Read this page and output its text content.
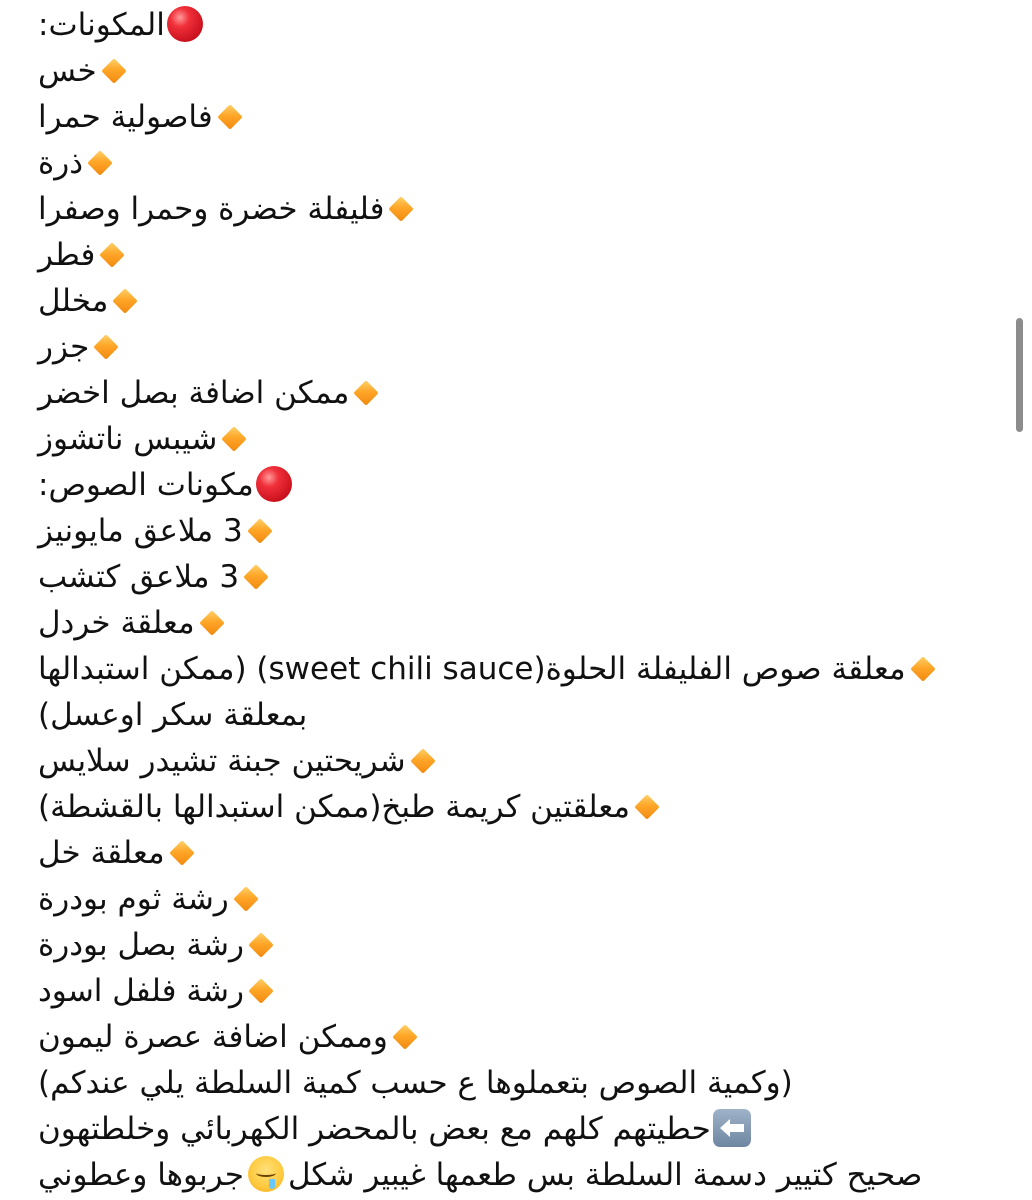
المكونات:
خس
فاصولية حمرا
ذرة
فليفلة خضرة وحمرا وصفرا
فطر
مخلل
جزر
ممكن اضافة بصل اخضر
شيبس ناتشوز
مكونات الصوص:
3 ملاعق مايونيز
3 ملاعق كتشب
معلقة خردل
معلقة صوص الفليفلة الحلوة(sweet chili sauce) (ممكن استبدالها
بمعلقة سكر اوعسل)
شريحتين جبنة تشيدر سلايس
معلقتين كريمة طبخ(ممكن استبدالها بالقشطة)
معلقة خل
رشة ثوم بودرة
رشة بصل بودرة
رشة فلفل اسود
وممكن اضافة عصرة ليمون
(وكمية الصوص بتعملوها ع حسب كمية السلطة يلي عندكم)
حطيتهم كلهم مع بعض بالمحضر الكهربائي وخلطتهون
صحيح كتيير دسمة السلطة بس طعمها غيبير شكلجربوها وعطوني
